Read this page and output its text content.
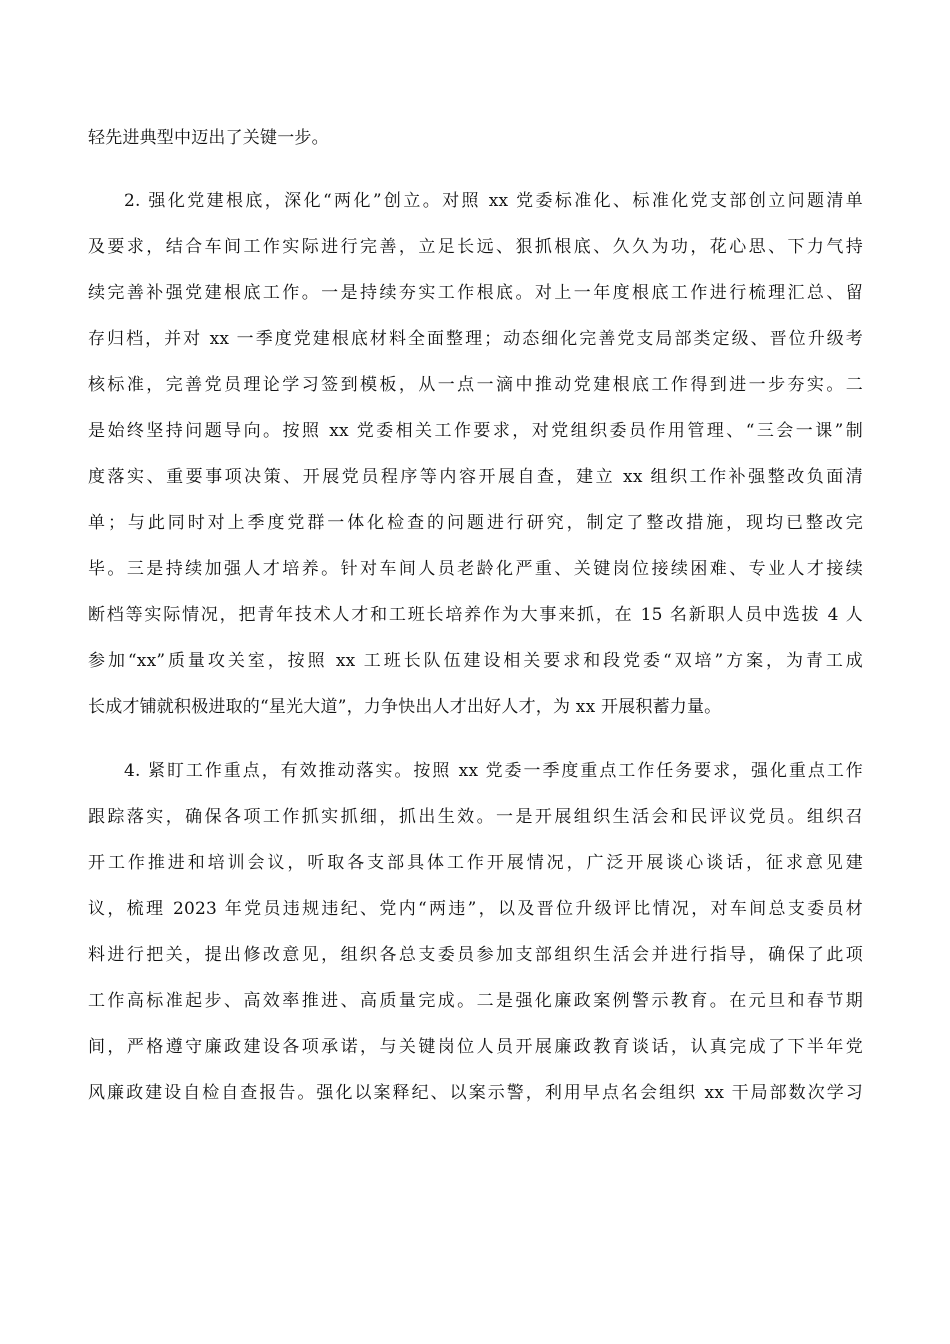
轻先进典型中迈出了关键一步。
2. 强化党建根底，深化“两化”创立。对照 xx 党委标准化、标准化党支部创立问题清单
及要求，结合车间工作实际进行完善，立足长远、狠抓根底、久久为功，花心思、下力气持
续完善补强党建根底工作。一是持续夯实工作根底。对上一年度根底工作进行梳理汇总、留
存归档，并对 xx 一季度党建根底材料全面整理；动态细化完善党支局部类定级、晋位升级考
核标准，完善党员理论学习签到模板，从一点一滴中推动党建根底工作得到进一步夯实。二
是始终坚持问题导向。按照 xx 党委相关工作要求，对党组织委员作用管理、“三会一课”制
度落实、重要事项决策、开展党员程序等内容开展自查，建立 xx 组织工作补强整改负面清
单；与此同时对上季度党群一体化检查的问题进行研究，制定了整改措施，现均已整改完
毕。三是持续加强人才培养。针对车间人员老龄化严重、关键岗位接续困难、专业人才接续
断档等实际情况，把青年技术人才和工班长培养作为大事来抓，在 15 名新职人员中选拔 4 人
参加“xx”质量攻关室，按照 xx 工班长队伍建设相关要求和段党委“双培”方案，为青工成
长成才铺就积极进取的“星光大道”，力争快出人才出好人才，为 xx 开展积蓄力量。
4. 紧盯工作重点，有效推动落实。按照 xx 党委一季度重点工作任务要求，强化重点工作
跟踪落实，确保各项工作抓实抓细，抓出生效。一是开展组织生活会和民评议党员。组织召
开工作推进和培训会议，听取各支部具体工作开展情况，广泛开展谈心谈话，征求意见建
议，梳理 2023 年党员违规违纪、党内“两违”，以及晋位升级评比情况，对车间总支委员材
料进行把关，提出修改意见，组织各总支委员参加支部组织生活会并进行指导，确保了此项
工作高标准起步、高效率推进、高质量完成。二是强化廉政案例警示教育。在元旦和春节期
间，严格遵守廉政建设各项承诺，与关键岗位人员开展廉政教育谈话，认真完成了下半年党
风廉政建设自检自查报告。强化以案释纪、以案示警，利用早点名会组织 xx 干局部数次学习
